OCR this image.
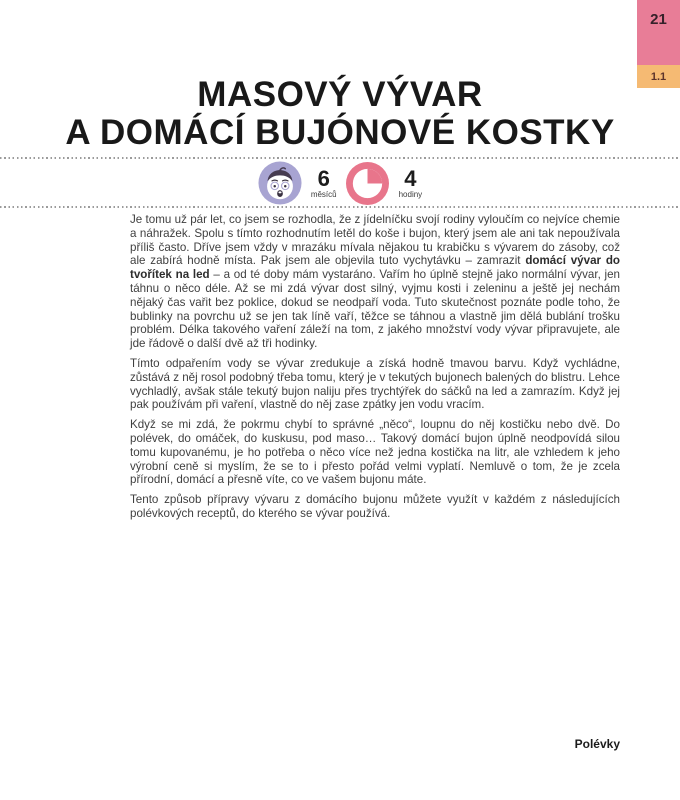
21
1.1
MASOVÝ VÝVAR
A DOMÁCÍ BUJÓNOVÉ KOSTKY
6
měsíců
4
hodiny

Je tomu už pár let, co jsem se rozhodla, že z jídelníčku svojí rodiny vyloučím co nejvíce chemie a náhražek. Spolu s tímto rozhodnutím letěl do koše i bujon, který jsem ale ani tak nepoužívala příliš často. Dříve jsem vždy v mrazáku mívala nějakou tu krabičku s vývarem do zásoby, což ale zabírá hodně místa. Pak jsem ale objevila tuto vychytávku – zamrazit domácí vývar do tvořítek na led – a od té doby mám vystaráno. Vařím ho úplně stejně jako normální vývar, jen táhnu o něco déle. Až se mi zdá vývar dost silný, vyjmu kosti i zeleninu a ještě jej nechám nějaký čas vařit bez poklice, dokud se neodpaří voda. Tuto skutečnost poznáte podle toho, že bublinky na povrchu už se jen tak líně vaří, těžce se táhnou a vlastně jim dělá bublání trošku problém. Délka takového vaření záleží na tom, z jakého množství vody vývar připravujete, ale jde řádově o další dvě až tři hodinky.

Tímto odpařením vody se vývar zredukuje a získá hodně tmavou barvu. Když vychládne, zůstává z něj rosol podobný třeba tomu, který je v tekutých bujonech balených do blistru. Lehce vychladlý, avšak stále tekutý bujon naliju přes trychtýřek do sáčků na led a zamrazím. Když jej pak používám při vaření, vlastně do něj zase zpátky jen vodu vracím.

Když se mi zdá, že pokrmu chybí to správné „něco“, loupnu do něj kostičku nebo dvě. Do polévek, do omáček, do kuskusu, pod maso… Takový domácí bujon úplně neodpovídá silou tomu kupovanému, je ho potřeba o něco více než jedna kostička na litr, ale vzhledem k jeho výrobní ceně si myslím, že se to i přesto pořád velmi vyplatí. Nemluvě o tom, že je zcela přírodní, domácí a přesně víte, co ve vašem bujonu máte.

Tento způsob přípravy vývaru z domácího bujonu můžete využít v každém z následujících polévkových receptů, do kterého se vývar používá.

Polévky
